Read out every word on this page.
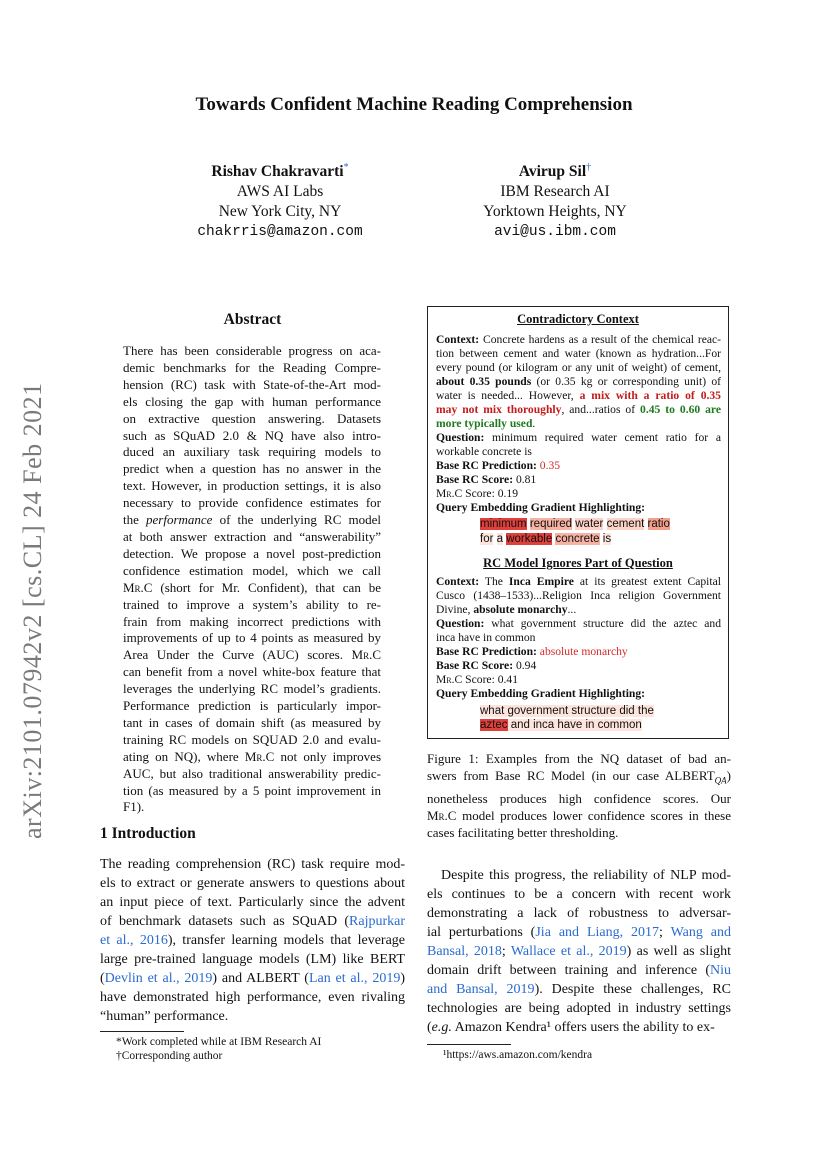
Towards Confident Machine Reading Comprehension
Rishav Chakravarti*
AWS AI Labs
New York City, NY
chakrris@amazon.com
Avirup Sil†
IBM Research AI
Yorktown Heights, NY
avi@us.ibm.com
arXiv:2101.07942v2 [cs.CL] 24 Feb 2021
Abstract
There has been considerable progress on aca-
demic benchmarks for the Reading Compre-
hension (RC) task with State-of-the-Art mod-
els closing the gap with human performance
on extractive question answering. Datasets
such as SQuAD 2.0 & NQ have also intro-
duced an auxiliary task requiring models to
predict when a question has no answer in the
text. However, in production settings, it is also
necessary to provide confidence estimates for
the performance of the underlying RC model
at both answer extraction and “answerability”
detection. We propose a novel post-prediction
confidence estimation model, which we call
Mr.C (short for Mr. Confident), that can be
trained to improve a system’s ability to re-
frain from making incorrect predictions with
improvements of up to 4 points as measured by
Area Under the Curve (AUC) scores. Mr.C
can benefit from a novel white-box feature that
leverages the underlying RC model’s gradients.
Performance prediction is particularly impor-
tant in cases of domain shift (as measured by
training RC models on SQUAD 2.0 and evalu-
ating on NQ), where Mr.C not only improves
AUC, but also traditional answerability predic-
tion (as measured by a 5 point improvement in
F1).
1 Introduction
The reading comprehension (RC) task require mod-
els to extract or generate answers to questions about
an input piece of text. Particularly since the advent
of benchmark datasets such as SQuAD (Rajpurkar
et al., 2016), transfer learning models that leverage
large pre-trained language models (LM) like BERT
(Devlin et al., 2019) and ALBERT (Lan et al., 2019)
have demonstrated high performance, even rivaling
“human” performance.
Despite this progress, the reliability of NLP mod-
els continues to be a concern with recent work
demonstrating a lack of robustness to adversar-
ial perturbations (Jia and Liang, 2017; Wang and
Bansal, 2018; Wallace et al., 2019) as well as slight
domain drift between training and inference (Niu
and Bansal, 2019). Despite these challenges, RC
technologies are being adopted in industry settings
(e.g. Amazon Kendra¹ offers users the ability to ex-
*Work completed while at IBM Research AI
†Corresponding author	¹https://aws.amazon.com/kendra
Contradictory Context
Context: Concrete hardens as a result of the chemical reac-
tion between cement and water (known as hydration...For
every pound (or kilogram or any unit of weight) of cement,
about 0.35 pounds (or 0.35 kg or corresponding unit) of
water is needed... However, a mix with a ratio of 0.35
may not mix thoroughly, and...ratios of 0.45 to 0.60 are
more typically used.
Question: minimum required water cement ratio for a
workable concrete is
Base RC Prediction: 0.35
Base RC Score: 0.81
Mr.C Score: 0.19
Query Embedding Gradient Highlighting:
minimum required water cement ratio
for a workable concrete is
RC Model Ignores Part of Question
Context: The Inca Empire at its greatest extent Capital
Cusco (1438–1533)...Religion Inca religion Government
Divine, absolute monarchy...
Question: what government structure did the aztec and
inca have in common
Base RC Prediction: absolute monarchy
Base RC Score: 0.94
Mr.C Score: 0.41
Query Embedding Gradient Highlighting:
what government structure did the
aztec and inca have in common
Figure 1: Examples from the NQ dataset of bad an-
swers from Base RC Model (in our case $ALBERT_{QA}$)
nonetheless produces high confidence scores. Our
Mr.C model produces lower confidence scores in these
cases facilitating better thresholding.
